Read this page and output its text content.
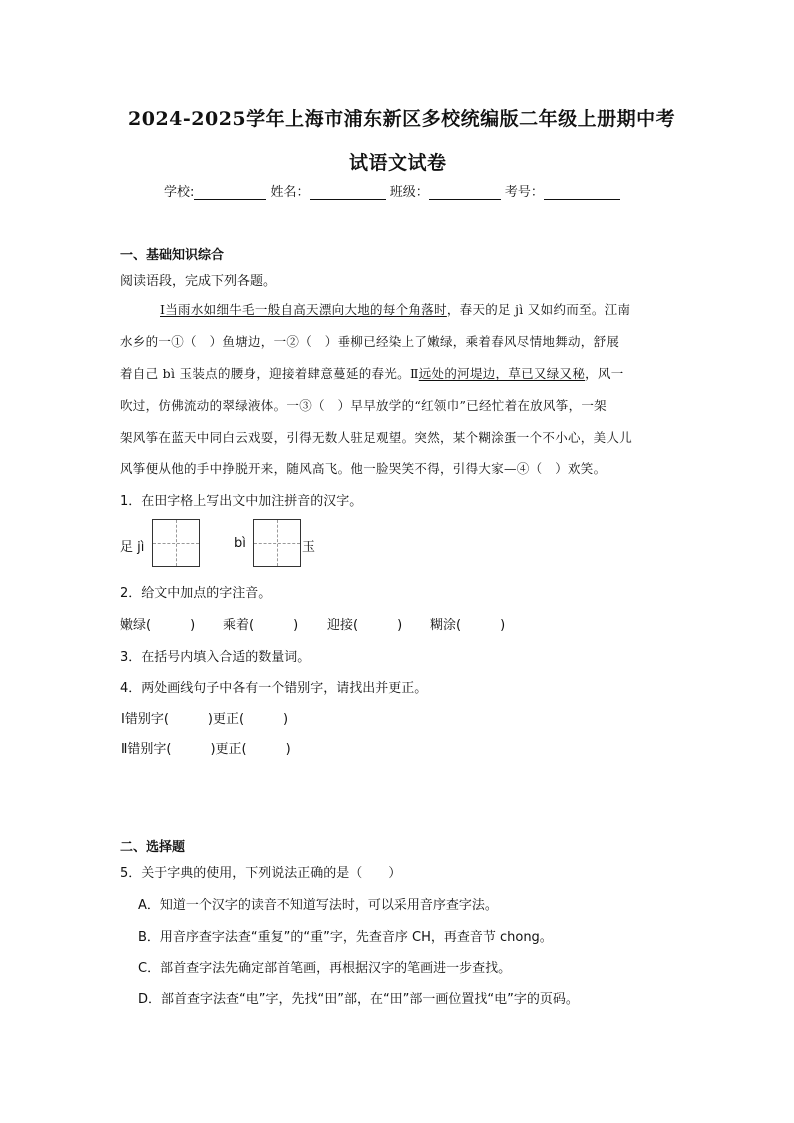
2024-2025学年上海市浦东新区多校统编版二年级上册期中考
试语文试卷
学校:	姓名：	班级：	考号：
一、基础知识综合
阅读语段，完成下列各题。
Ⅰ当雨水如细牛毛一般自高天漂向大地的每个角落时，春天的足 jì 又如约而至。江南
水乡的一①（　）鱼塘边，一②（　）垂柳已经染上了嫩绿，乘着春风尽情地舞动，舒展
着自己 bì 玉装点的腰身，迎接着肆意蔓延的春光。Ⅱ远处的河堤边，草已又绿又秘，风一
吹过，仿佛流动的翠绿液体。一③（　）早早放学的“红领巾”已经忙着在放风筝，一架
架风筝在蓝天中同白云戏耍，引得无数人驻足观望。突然，某个糊涂蛋一个不小心，美人儿
风筝便从他的手中挣脱开来，随风高飞。他一脸哭笑不得，引得大家—④（　）欢笑。
1．在田字格上写出文中加注拼音的汉字。
足 jì	bì	玉
2．给文中加点的字注音。
嫩绿(　　　) 乘着(　　　) 迎接(　　　) 糊涂(　　　)
3．在括号内填入合适的数量词。
4．两处画线句子中各有一个错别字，请找出并更正。
Ⅰ错别字(　　　)更正(　　　)
Ⅱ错别字(　　　)更正(　　　)
二、选择题
5．关于字典的使用，下列说法正确的是（　　）
A．知道一个汉字的读音不知道写法时，可以采用音序查字法。
B．用音序查字法查“重复”的“重”字，先查音序 CH，再查音节 chong。
C．部首查字法先确定部首笔画，再根据汉字的笔画进一步查找。
D．部首查字法查“电”字，先找“田”部，在“田”部一画位置找“电”字的页码。
